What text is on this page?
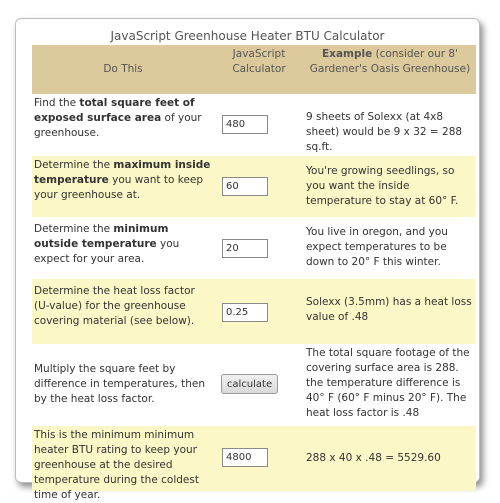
JavaScript Greenhouse Heater BTU Calculator
Do This
JavaScript Calculator
Example (consider our 8' Gardener's Oasis Greenhouse)
Find the total square feet of exposed surface area of your greenhouse.
480
9 sheets of Solexx (at 4x8 sheet) would be 9 x 32 = 288 sq.ft.
Determine the maximum inside temperature you want to keep your greenhouse at.
60
You're growing seedlings, so you want the inside temperature to stay at 60° F.
Determine the minimum outside temperature you expect for your area.
20
You live in oregon, and you expect temperatures to be down to 20° F this winter.
Determine the heat loss factor (U-value) for the greenhouse covering material (see below).
0.25
Solexx (3.5mm) has a heat loss value of .48
Multiply the square feet by difference in temperatures, then by the heat loss factor.
calculate
The total square footage of the covering surface area is 288. the temperature difference is 40° F (60° F minus 20° F). The heat loss factor is .48
This is the minimum minimum heater BTU rating to keep your greenhouse at the desired temperature during the coldest time of year.
4800
288 x 40 x .48 = 5529.60
